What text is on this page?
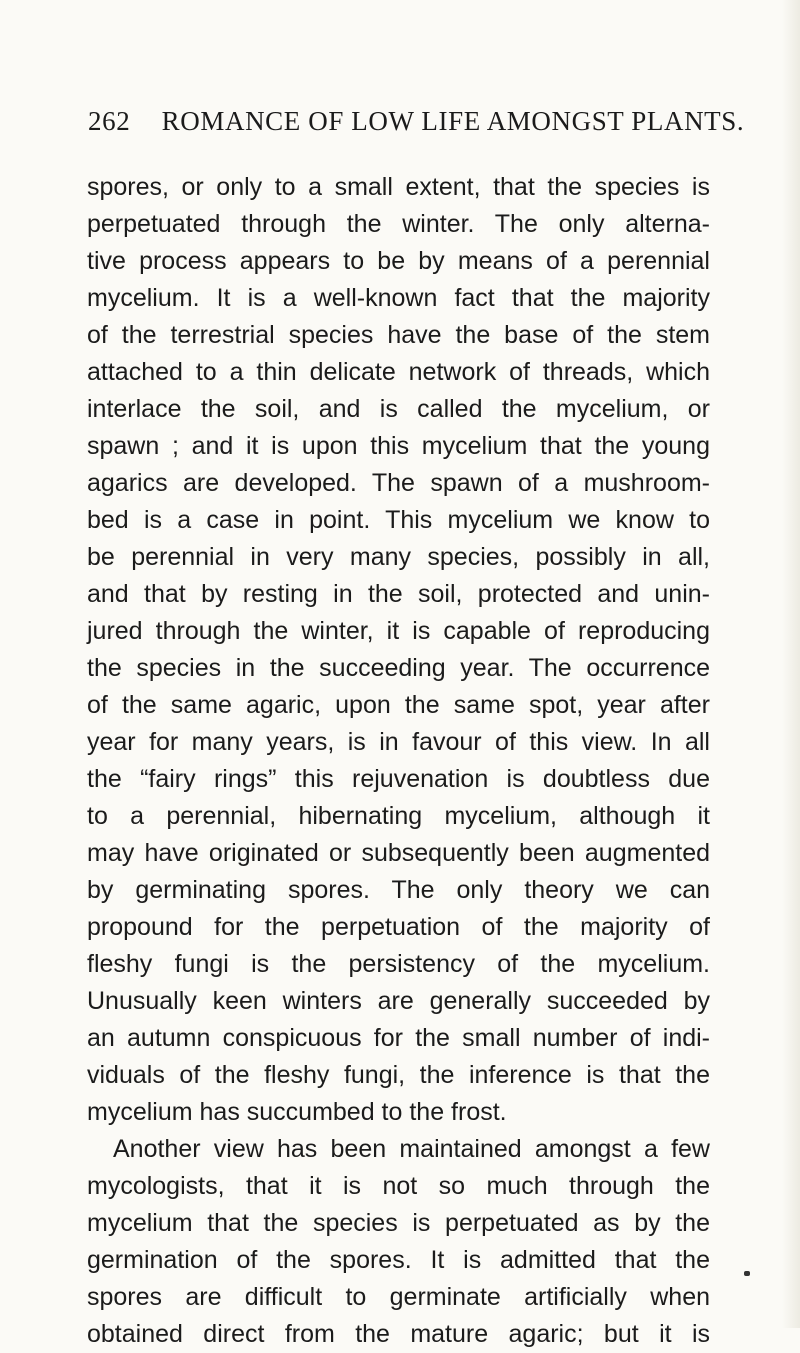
262 ROMANCE OF LOW LIFE AMONGST PLANTS.
spores, or only to a small extent, that the species is
perpetuated through the winter. The only alterna-
tive process appears to be by means of a perennial
mycelium. It is a well-known fact that the majority
of the terrestrial species have the base of the stem
attached to a thin delicate network of threads, which
interlace the soil, and is called the mycelium, or
spawn ; and it is upon this mycelium that the young
agarics are developed. The spawn of a mushroom-
bed is a case in point. This mycelium we know to
be perennial in very many species, possibly in all,
and that by resting in the soil, protected and unin-
jured through the winter, it is capable of reproducing
the species in the succeeding year. The occurrence
of the same agaric, upon the same spot, year after
year for many years, is in favour of this view. In all
the “fairy rings” this rejuvenation is doubtless due
to a perennial, hibernating mycelium, although it
may have originated or subsequently been augmented
by germinating spores. The only theory we can
propound for the perpetuation of the majority of
fleshy fungi is the persistency of the mycelium.
Unusually keen winters are generally succeeded by
an autumn conspicuous for the small number of indi-
viduals of the fleshy fungi, the inference is that the
mycelium has succumbed to the frost.
Another view has been maintained amongst a few
mycologists, that it is not so much through the
mycelium that the species is perpetuated as by the
germination of the spores. It is admitted that the
spores are difficult to germinate artificially when
obtained direct from the mature agaric; but it is
